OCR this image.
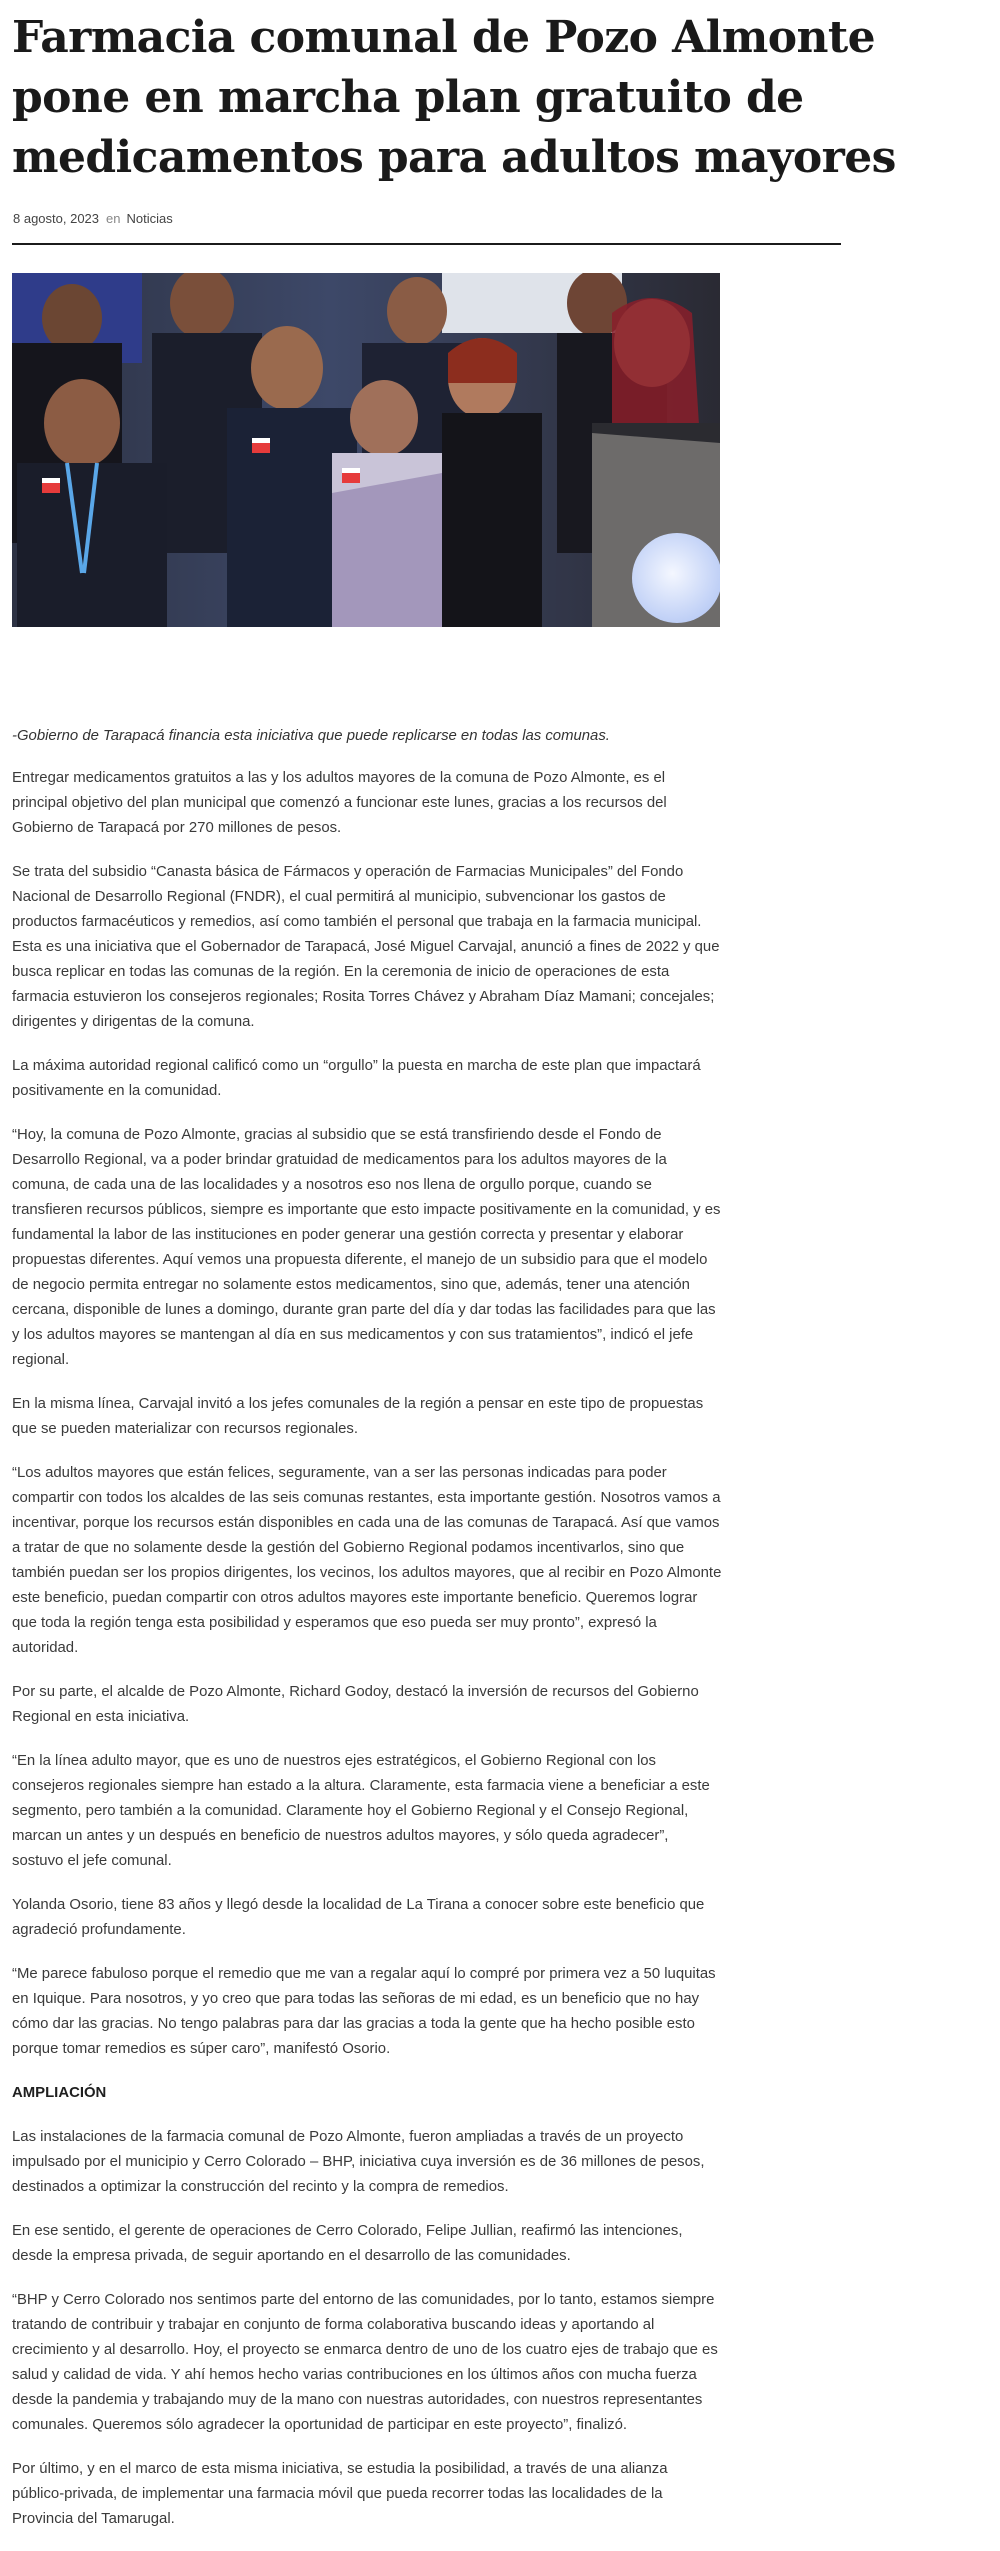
Farmacia comunal de Pozo Almonte pone en marcha plan gratuito de medicamentos para adultos mayores
8 agosto, 2023 en Noticias

-Gobierno de Tarapacá financia esta iniciativa que puede replicarse en todas las comunas.

Entregar medicamentos gratuitos a las y los adultos mayores de la comuna de Pozo Almonte, es el principal objetivo del plan municipal que comenzó a funcionar este lunes, gracias a los recursos del Gobierno de Tarapacá por 270 millones de pesos.

Se trata del subsidio “Canasta básica de Fármacos y operación de Farmacias Municipales” del Fondo Nacional de Desarrollo Regional (FNDR), el cual permitirá al municipio, subvencionar los gastos de productos farmacéuticos y remedios, así como también el personal que trabaja en la farmacia municipal. Esta es una iniciativa que el Gobernador de Tarapacá, José Miguel Carvajal, anunció a fines de 2022 y que busca replicar en todas las comunas de la región. En la ceremonia de inicio de operaciones de esta farmacia estuvieron los consejeros regionales; Rosita Torres Chávez y Abraham Díaz Mamani; concejales; dirigentes y dirigentas de la comuna.

La máxima autoridad regional calificó como un “orgullo” la puesta en marcha de este plan que impactará positivamente en la comunidad.

“Hoy, la comuna de Pozo Almonte, gracias al subsidio que se está transfiriendo desde el Fondo de Desarrollo Regional, va a poder brindar gratuidad de medicamentos para los adultos mayores de la comuna, de cada una de las localidades y a nosotros eso nos llena de orgullo porque, cuando se transfieren recursos públicos, siempre es importante que esto impacte positivamente en la comunidad, y es fundamental la labor de las instituciones en poder generar una gestión correcta y presentar y elaborar propuestas diferentes. Aquí vemos una propuesta diferente, el manejo de un subsidio para que el modelo de negocio permita entregar no solamente estos medicamentos, sino que, además, tener una atención cercana, disponible de lunes a domingo, durante gran parte del día y dar todas las facilidades para que las y los adultos mayores se mantengan al día en sus medicamentos y con sus tratamientos”, indicó el jefe regional.

En la misma línea, Carvajal invitó a los jefes comunales de la región a pensar en este tipo de propuestas que se pueden materializar con recursos regionales.

“Los adultos mayores que están felices, seguramente, van a ser las personas indicadas para poder compartir con todos los alcaldes de las seis comunas restantes, esta importante gestión. Nosotros vamos a incentivar, porque los recursos están disponibles en cada una de las comunas de Tarapacá. Así que vamos a tratar de que no solamente desde la gestión del Gobierno Regional podamos incentivarlos, sino que también puedan ser los propios dirigentes, los vecinos, los adultos mayores, que al recibir en Pozo Almonte este beneficio, puedan compartir con otros adultos mayores este importante beneficio. Queremos lograr que toda la región tenga esta posibilidad y esperamos que eso pueda ser muy pronto”, expresó la autoridad.

Por su parte, el alcalde de Pozo Almonte, Richard Godoy, destacó la inversión de recursos del Gobierno Regional en esta iniciativa.

“En la línea adulto mayor, que es uno de nuestros ejes estratégicos, el Gobierno Regional con los consejeros regionales siempre han estado a la altura. Claramente, esta farmacia viene a beneficiar a este segmento, pero también a la comunidad. Claramente hoy el Gobierno Regional y el Consejo Regional, marcan un antes y un después en beneficio de nuestros adultos mayores, y sólo queda agradecer”, sostuvo el jefe comunal.

Yolanda Osorio, tiene 83 años y llegó desde la localidad de La Tirana a conocer sobre este beneficio que agradeció profundamente.

“Me parece fabuloso porque el remedio que me van a regalar aquí lo compré por primera vez a 50 luquitas en Iquique. Para nosotros, y yo creo que para todas las señoras de mi edad, es un beneficio que no hay cómo dar las gracias. No tengo palabras para dar las gracias a toda la gente que ha hecho posible esto porque tomar remedios es súper caro”, manifestó Osorio.

AMPLIACIÓN

Las instalaciones de la farmacia comunal de Pozo Almonte, fueron ampliadas a través de un proyecto impulsado por el municipio y Cerro Colorado – BHP, iniciativa cuya inversión es de 36 millones de pesos, destinados a optimizar la construcción del recinto y la compra de remedios.

En ese sentido, el gerente de operaciones de Cerro Colorado, Felipe Jullian, reafirmó las intenciones, desde la empresa privada, de seguir aportando en el desarrollo de las comunidades.

“BHP y Cerro Colorado nos sentimos parte del entorno de las comunidades, por lo tanto, estamos siempre tratando de contribuir y trabajar en conjunto de forma colaborativa buscando ideas y aportando al crecimiento y al desarrollo. Hoy, el proyecto se enmarca dentro de uno de los cuatro ejes de trabajo que es salud y calidad de vida. Y ahí hemos hecho varias contribuciones en los últimos años con mucha fuerza desde la pandemia y trabajando muy de la mano con nuestras autoridades, con nuestros representantes comunales. Queremos sólo agradecer la oportunidad de participar en este proyecto”, finalizó.

Por último, y en el marco de esta misma iniciativa, se estudia la posibilidad, a través de una alianza público-privada, de implementar una farmacia móvil que pueda recorrer todas las localidades de la Provincia del Tamarugal.
